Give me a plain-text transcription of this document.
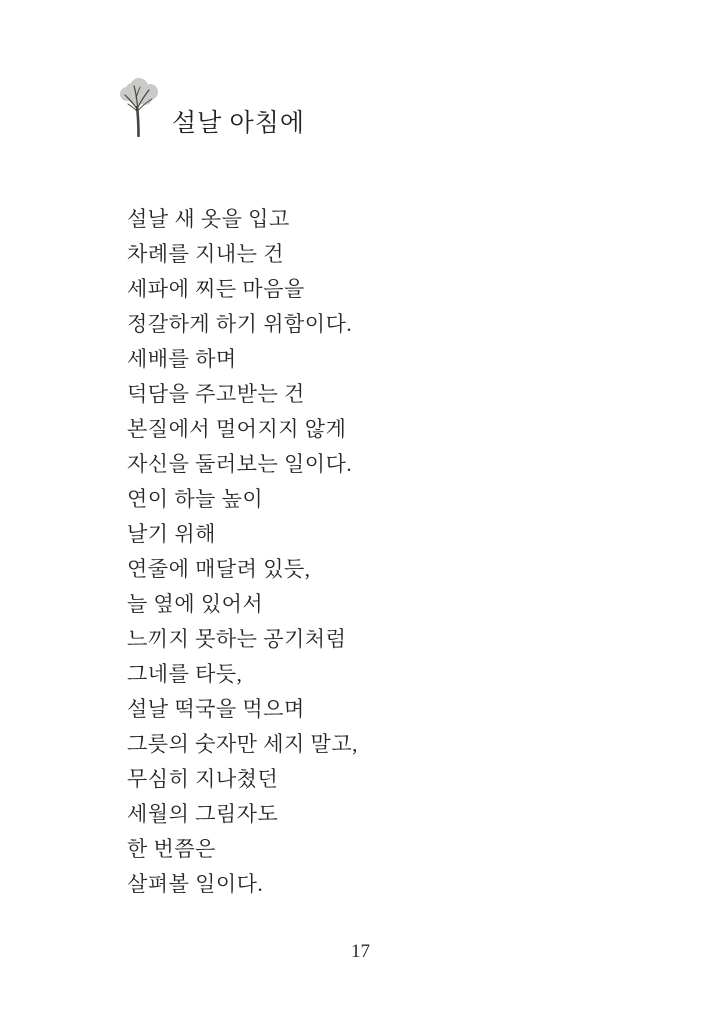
설날 아침에

설날 새 옷을 입고

차례를 지내는 건

세파에 찌든 마음을

정갈하게 하기 위함이다.

세배를 하며

덕담을 주고받는 건

본질에서 멀어지지 않게

자신을 둘러보는 일이다.

연이 하늘 높이

날기 위해

연줄에 매달려 있듯,

늘 옆에 있어서

느끼지 못하는 공기처럼

그네를 타듯,

설날 떡국을 먹으며

그릇의 숫자만 세지 말고,

무심히 지나쳤던

세월의 그림자도

한 번쯤은

살펴볼 일이다.

17
